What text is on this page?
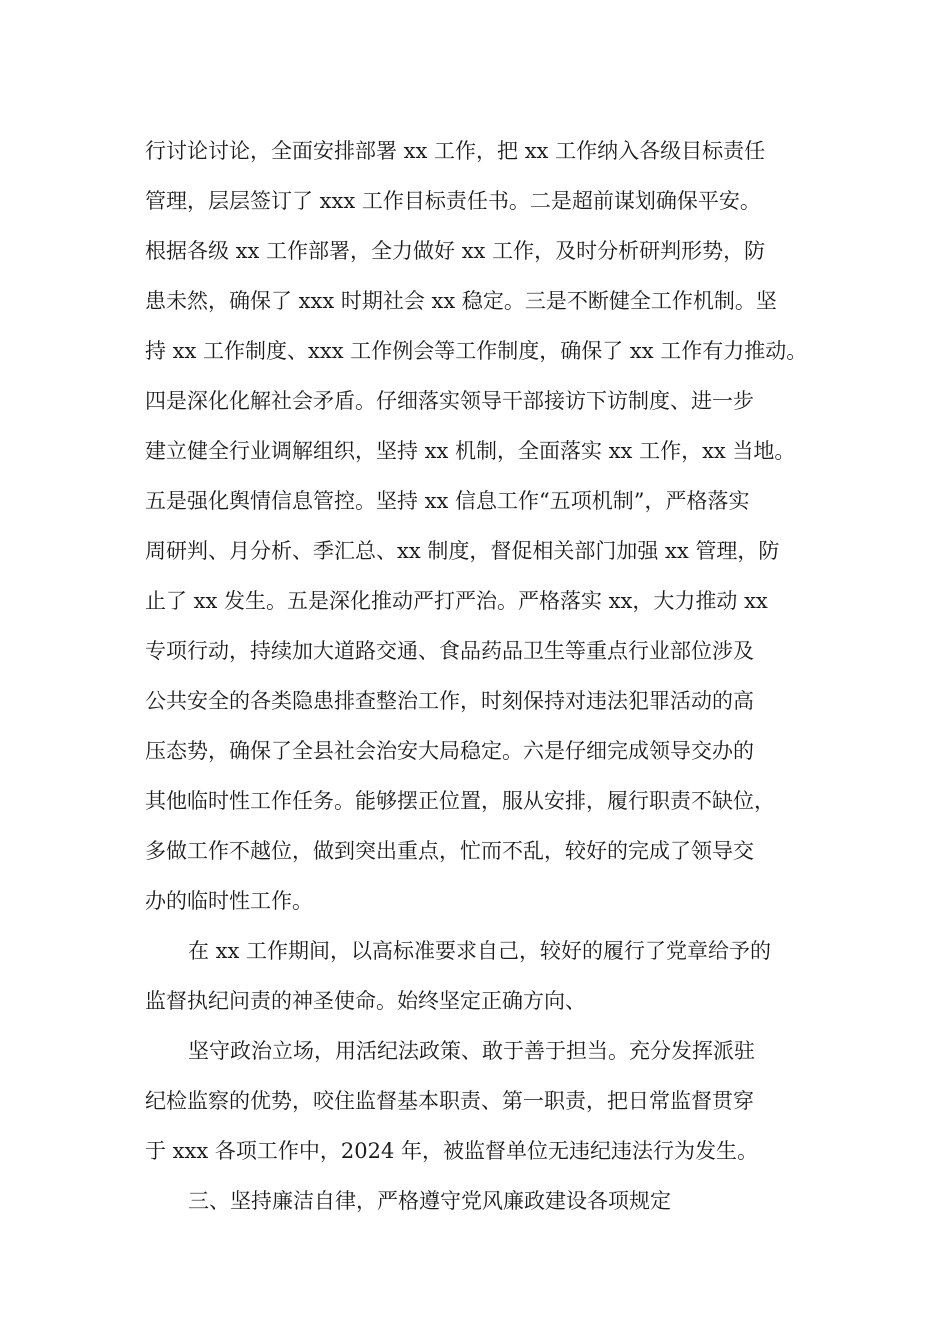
行讨论讨论，全面安排部署 xx 工作，把 xx 工作纳入各级目标责任
管理，层层签订了 xxx 工作目标责任书。二是超前谋划确保平安。
根据各级 xx 工作部署，全力做好 xx 工作，及时分析研判形势，防
患未然，确保了 xxx 时期社会 xx 稳定。三是不断健全工作机制。坚
持 xx 工作制度、xxx 工作例会等工作制度，确保了 xx 工作有力推动。
四是深化化解社会矛盾。仔细落实领导干部接访下访制度、进一步
建立健全行业调解组织，坚持 xx 机制，全面落实 xx 工作，xx 当地。
五是强化舆情信息管控。坚持 xx 信息工作“五项机制”，严格落实
周研判、月分析、季汇总、xx 制度，督促相关部门加强 xx 管理，防
止了 xx 发生。五是深化推动严打严治。严格落实 xx，大力推动 xx
专项行动，持续加大道路交通、食品药品卫生等重点行业部位涉及
公共安全的各类隐患排查整治工作，时刻保持对违法犯罪活动的高
压态势，确保了全县社会治安大局稳定。六是仔细完成领导交办的
其他临时性工作任务。能够摆正位置，服从安排，履行职责不缺位，
多做工作不越位，做到突出重点，忙而不乱，较好的完成了领导交
办的临时性工作。
在 xx 工作期间，以高标准要求自己，较好的履行了党章给予的
监督执纪问责的神圣使命。始终坚定正确方向、
坚守政治立场，用活纪法政策、敢于善于担当。充分发挥派驻
纪检监察的优势，咬住监督基本职责、第一职责，把日常监督贯穿
于 xxx 各项工作中，2024 年，被监督单位无违纪违法行为发生。
三、坚持廉洁自律，严格遵守党风廉政建设各项规定
